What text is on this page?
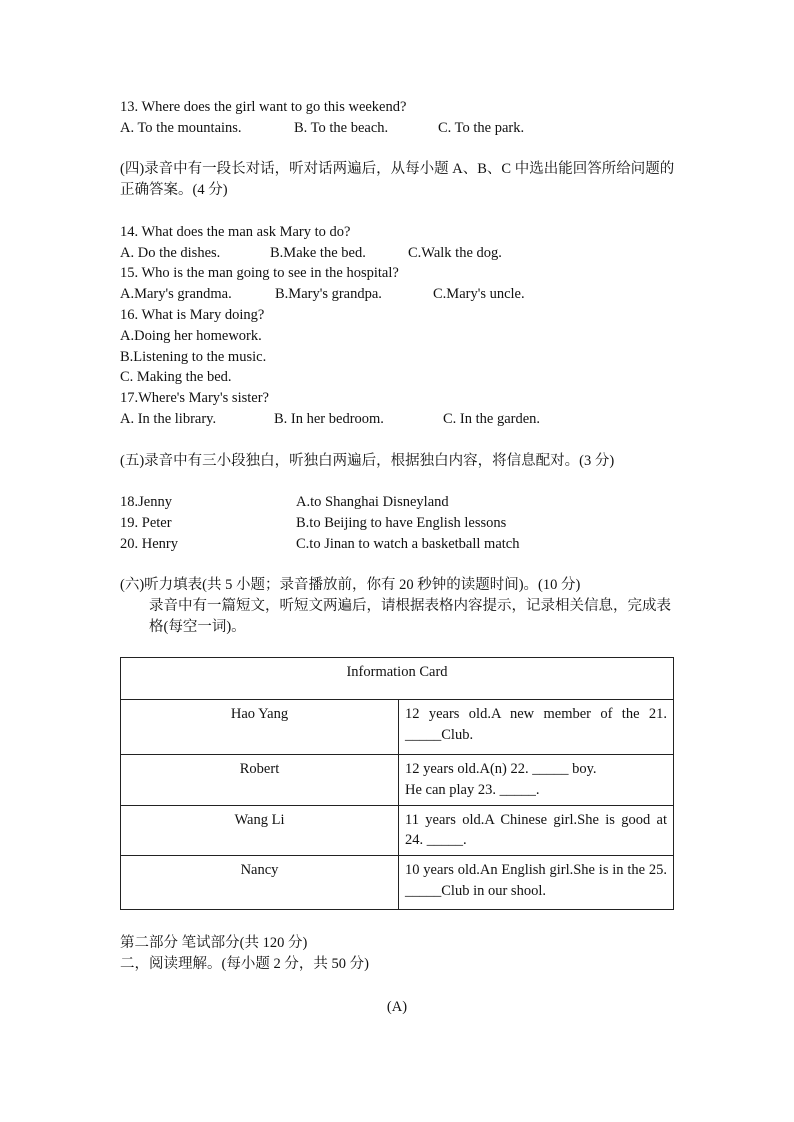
13. Where does the girl want to go this weekend?

A. To the mountains.	B. To the beach.	C. To the park.

(四)录音中有一段长对话，听对话两遍后，从每小题 A、B、C 中选出能回答所给问题的正确答案。(4 分)

14. What does the man ask Mary to do?

A. Do the dishes.	B.Make the bed.	C.Walk the dog.

15. Who is the man going to see in the hospital?

A.Mary's grandma.	B.Mary's grandpa.	C.Mary's uncle.

16. What is Mary doing?

A.Doing her homework.

B.Listening to the music.

C. Making the bed.

17.Where's Mary's sister?

A. In the library.	B. In her bedroom.	C. In the garden.

(五)录音中有三小段独白，听独白两遍后，根据独白内容，将信息配对。(3 分)

18.Jenny	A.to Shanghai Disneyland
19. Peter	B.to Beijing to have English lessons
20. Henry	C.to Jinan to watch a basketball match

(六)听力填表(共 5 小题；录音播放前，你有 20 秒钟的读题时间)。(10 分)

录音中有一篇短文，听短文两遍后，请根据表格内容提示，记录相关信息，完成表格(每空一词)。

Information Card	
Hao Yang	12 years old.A new member of the 21. _____Club.
Robert	12 years old.A(n) 22. _____ boy.
He can play 23. _____.

Wang Li	11 years old.A Chinese girl.She is good at 24. _____.
Nancy	10 years old.An English girl.She is in the 25. _____Club in our shool.

第二部分 笔试部分(共 120 分)

二，阅读理解。(每小题 2 分，共 50 分)

(A)
